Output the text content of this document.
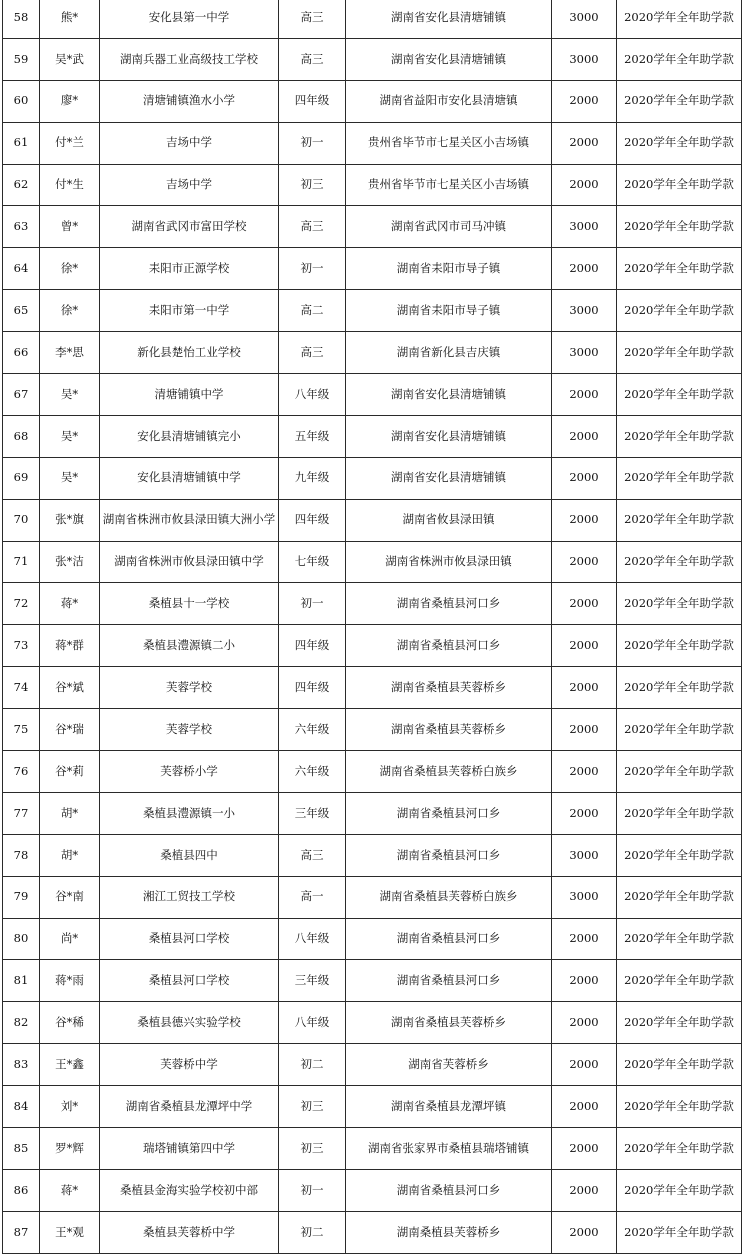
58	熊*	安化县第一中学	高三	湖南省安化县清塘铺镇	3000	2020学年全年助学款
59	吴*武	湖南兵器工业高级技工学校	高三	湖南省安化县清塘铺镇	3000	2020学年全年助学款
60	廖*	清塘铺镇渔水小学	四年级	湖南省益阳市安化县清塘镇	2000	2020学年全年助学款
61	付*兰	吉场中学	初一	贵州省毕节市七星关区小吉场镇	2000	2020学年全年助学款
62	付*生	吉场中学	初三	贵州省毕节市七星关区小吉场镇	2000	2020学年全年助学款
63	曾*	湖南省武冈市富田学校	高三	湖南省武冈市司马冲镇	3000	2020学年全年助学款
64	徐*	耒阳市正源学校	初一	湖南省耒阳市导子镇	2000	2020学年全年助学款
65	徐*	耒阳市第一中学	高二	湖南省耒阳市导子镇	3000	2020学年全年助学款
66	李*思	新化县楚怡工业学校	高三	湖南省新化县吉庆镇	3000	2020学年全年助学款
67	吴*	清塘铺镇中学	八年级	湖南省安化县清塘铺镇	2000	2020学年全年助学款
68	吴*	安化县清塘铺镇完小	五年级	湖南省安化县清塘铺镇	2000	2020学年全年助学款
69	吴*	安化县清塘铺镇中学	九年级	湖南省安化县清塘铺镇	2000	2020学年全年助学款
70	张*旗	湖南省株洲市攸县渌田镇大洲小学	四年级	湖南省攸县渌田镇	2000	2020学年全年助学款
71	张*洁	湖南省株洲市攸县渌田镇中学	七年级	湖南省株洲市攸县渌田镇	2000	2020学年全年助学款
72	蒋*	桑植县十一学校	初一	湖南省桑植县河口乡	2000	2020学年全年助学款
73	蒋*群	桑植县澧源镇二小	四年级	湖南省桑植县河口乡	2000	2020学年全年助学款
74	谷*斌	芙蓉学校	四年级	湖南省桑植县芙蓉桥乡	2000	2020学年全年助学款
75	谷*瑞	芙蓉学校	六年级	湖南省桑植县芙蓉桥乡	2000	2020学年全年助学款
76	谷*莉	芙蓉桥小学	六年级	湖南省桑植县芙蓉桥白族乡	2000	2020学年全年助学款
77	胡*	桑植县澧源镇一小	三年级	湖南省桑植县河口乡	2000	2020学年全年助学款
78	胡*	桑植县四中	高三	湖南省桑植县河口乡	3000	2020学年全年助学款
79	谷*南	湘江工贸技工学校	高一	湖南省桑植县芙蓉桥白族乡	3000	2020学年全年助学款
80	尚*	桑植县河口学校	八年级	湖南省桑植县河口乡	2000	2020学年全年助学款
81	蒋*雨	桑植县河口学校	三年级	湖南省桑植县河口乡	2000	2020学年全年助学款
82	谷*稀	桑植县德兴实验学校	八年级	湖南省桑植县芙蓉桥乡	2000	2020学年全年助学款
83	王*鑫	芙蓉桥中学	初二	湖南省芙蓉桥乡	2000	2020学年全年助学款
84	刘*	湖南省桑植县龙潭坪中学	初三	湖南省桑植县龙潭坪镇	2000	2020学年全年助学款
85	罗*辉	瑞塔铺镇第四中学	初三	湖南省张家界市桑植县瑞塔铺镇	2000	2020学年全年助学款
86	蒋*	桑植县金海实验学校初中部	初一	湖南省桑植县河口乡	2000	2020学年全年助学款
87	王*观	桑植县芙蓉桥中学	初二	湖南桑植县芙蓉桥乡	2000	2020学年全年助学款
